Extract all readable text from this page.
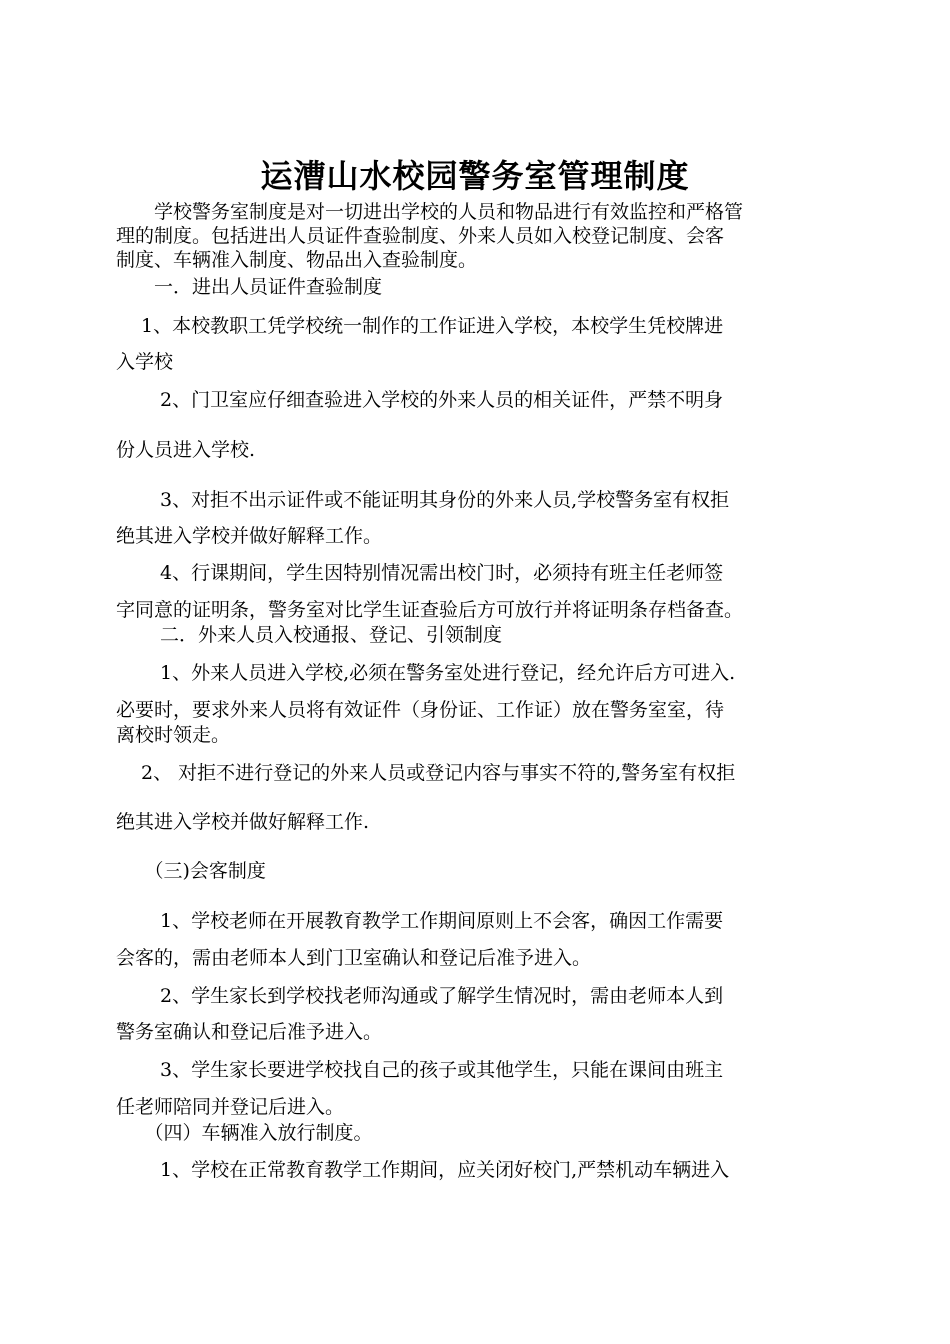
运漕山水校园警务室管理制度
　　学校警务室制度是对一切进出学校的人员和物品进行有效监控和严格管
理的制度。包括进出人员证件查验制度、外来人员如入校登记制度、会客
制度、车辆准入制度、物品出入查验制度。
　　一．进出人员证件查验制度
　 1、本校教职工凭学校统一制作的工作证进入学校，本校学生凭校牌进
入学校
　　 2、门卫室应仔细查验进入学校的外来人员的相关证件，严禁不明身
份人员进入学校.
　　 3、对拒不出示证件或不能证明其身份的外来人员,学校警务室有权拒
绝其进入学校并做好解释工作。
　　 4、行课期间，学生因特别情况需出校门时，必须持有班主任老师签
字同意的证明条，警务室对比学生证查验后方可放行并将证明条存档备查。
　　 二．外来人员入校通报、登记、引领制度
　　 1、外来人员进入学校,必须在警务室处进行登记，经允许后方可进入.
必要时，要求外来人员将有效证件（身份证、工作证）放在警务室室，待
离校时领走。
　 2、 对拒不进行登记的外来人员或登记内容与事实不符的,警务室有权拒
绝其进入学校并做好解释工作.
　　（三)会客制度
　　 1、学校老师在开展教育教学工作期间原则上不会客，确因工作需要
会客的，需由老师本人到门卫室确认和登记后准予进入。
　　 2、学生家长到学校找老师沟通或了解学生情况时，需由老师本人到
警务室确认和登记后准予进入。
　　 3、学生家长要进学校找自己的孩子或其他学生，只能在课间由班主
任老师陪同并登记后进入。
　　（四）车辆准入放行制度。
　　 1、学校在正常教育教学工作期间，应关闭好校门,严禁机动车辆进入
